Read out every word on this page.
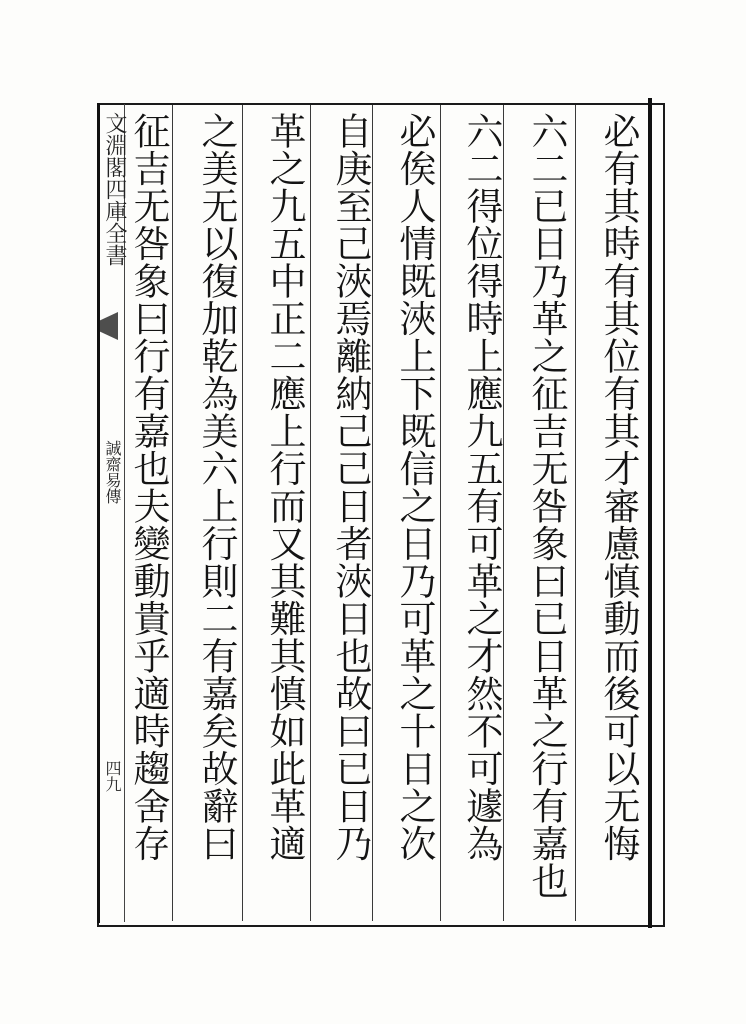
文淵閣四庫全書
誠齋易傳
四九	必有其時有其位有其才審慮慎動而後可以无悔
六二已日乃革之征吉无咎象曰已日革之行有嘉也
六二得位得時上應九五有可革之才然不可遽為
必俟人情既浹上下既信之日乃可革之十日之次
自庚至己浹焉離納己己日者浹日也故曰已日乃
革之九五中正二應上行而又其難其慎如此革適
之美无以復加乾為美六上行則二有嘉矣故辭曰
征吉无咎象曰行有嘉也夫變動貴乎適時趨舍存
